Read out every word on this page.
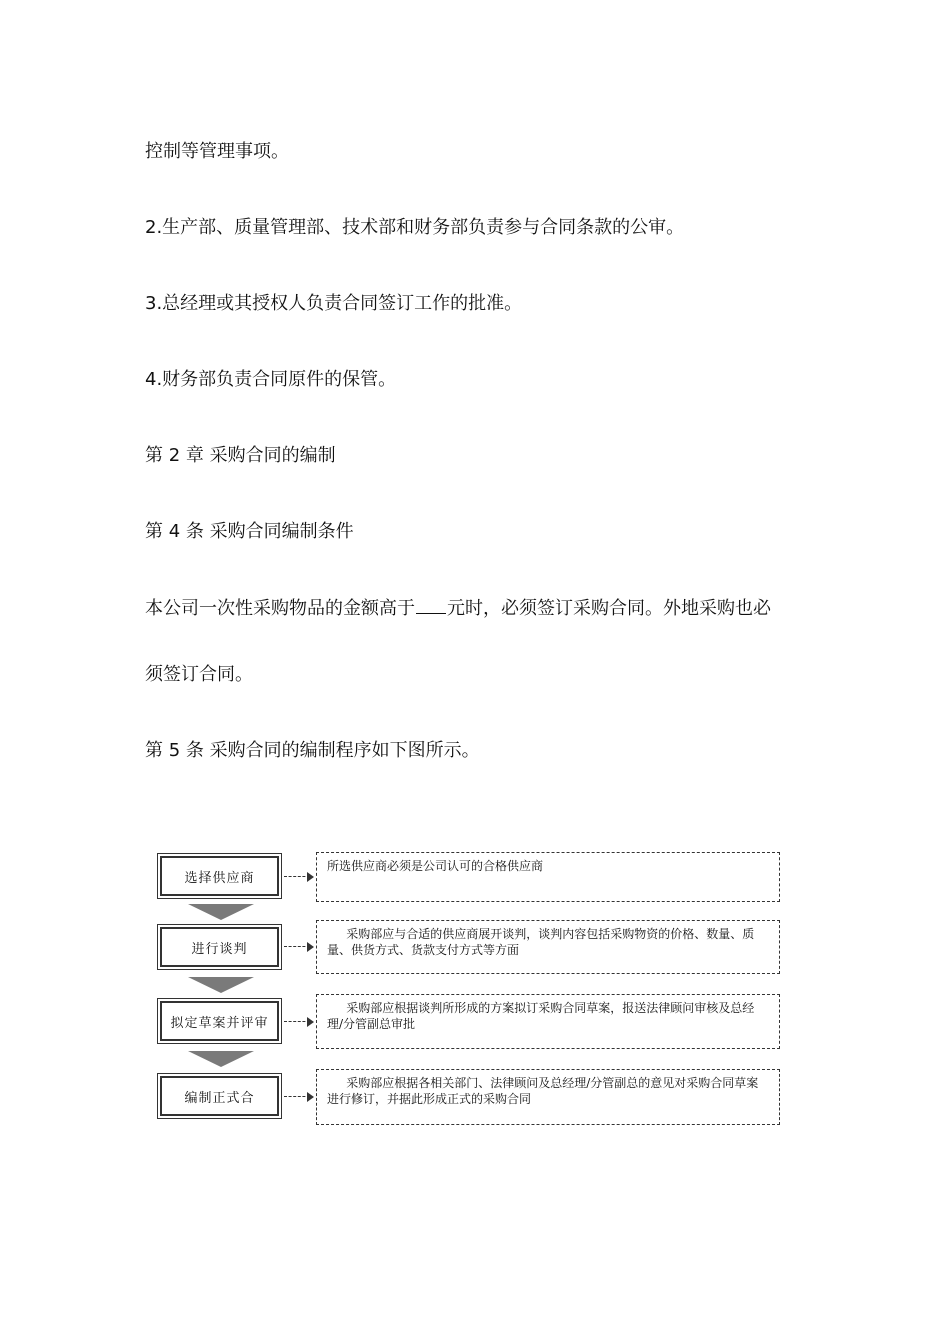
控制等管理事项。

2.生产部、质量管理部、技术部和财务部负责参与合同条款的公审。

3.总经理或其授权人负责合同签订工作的批准。

4.财务部负责合同原件的保管。

第 2 章 采购合同的编制

第 4 条 采购合同编制条件

本公司一次性采购物品的金额高于 元时，必须签订采购合同。外地采购也必

须签订合同。

第 5 条 采购合同的编制程序如下图所示。

选择供应商
所选供应商必须是公司认可的合格供应商
进行谈判
采购部应与合适的供应商展开谈判，谈判内容包括采购物资的价格、数量、质量、供货方式、货款支付方式等方面
拟定草案并评审
采购部应根据谈判所形成的方案拟订采购合同草案，报送法律顾问审核及总经理/分管副总审批
编制正式合
采购部应根据各相关部门、法律顾问及总经理/分管副总的意见对采购合同草案进行修订，并据此形成正式的采购合同
